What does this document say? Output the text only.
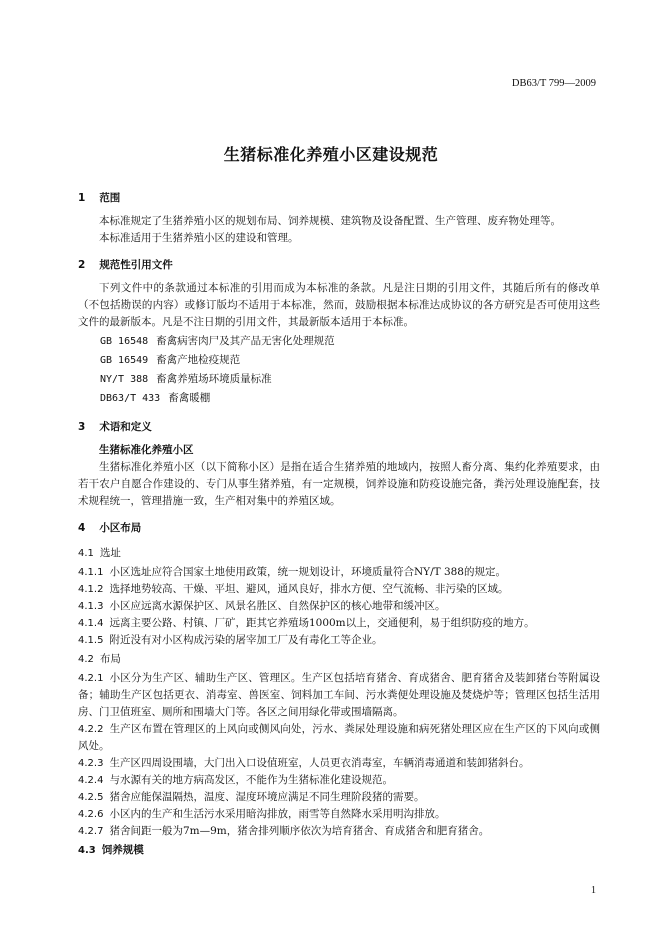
DB63/T 799—2009
生猪标准化养殖小区建设规范
1 范围

本标准规定了生猪养殖小区的规划布局、饲养规模、建筑物及设备配置、生产管理、废弃物处理等。

本标准适用于生猪养殖小区的建设和管理。

2 规范性引用文件

下列文件中的条款通过本标准的引用而成为本标准的条款。凡是注日期的引用文件，其随后所有的修改单（不包括勘误的内容）或修订版均不适用于本标准，然而，鼓励根据本标准达成协议的各方研究是否可使用这些文件的最新版本。凡是不注日期的引用文件，其最新版本适用于本标准。

GB 16548 畜禽病害肉尸及其产品无害化处理规范
GB 16549 畜禽产地检疫规范
NY/T 388 畜禽养殖场环境质量标准
DB63/T 433 畜禽暖棚
3 术语和定义
生猪标准化养殖小区

生猪标准化养殖小区（以下简称小区）是指在适合生猪养殖的地域内，按照人畜分离、集约化养殖要求，由若干农户自愿合作建设的、专门从事生猪养殖，有一定规模，饲养设施和防疫设施完备，粪污处理设施配套，技术规程统一，管理措施一致，生产相对集中的养殖区域。

4 小区布局
4.1 选址

4.1.1 小区选址应符合国家土地使用政策，统一规划设计，环境质量符合NY/T 388的规定。

4.1.2 选择地势较高、干燥、平坦、避风，通风良好，排水方便、空气流畅、非污染的区域。

4.1.3 小区应远离水源保护区、风景名胜区、自然保护区的核心地带和缓冲区。

4.1.4 远离主要公路、村镇、厂矿，距其它养殖场1000m以上，交通便利，易于组织防疫的地方。

4.1.5 附近没有对小区构成污染的屠宰加工厂及有毒化工等企业。

4.2 布局

4.2.1 小区分为生产区、辅助生产区、管理区。生产区包括培育猪舍、育成猪舍、肥育猪舍及装卸猪台等附属设备；辅助生产区包括更衣、消毒室、兽医室、饲料加工车间、污水粪便处理设施及焚烧炉等；管理区包括生活用房、门卫值班室、厕所和围墙大门等。各区之间用绿化带或围墙隔离。

4.2.2 生产区布置在管理区的上风向或侧风向处，污水、粪尿处理设施和病死猪处理区应在生产区的下风向或侧风处。

4.2.3 生产区四周设围墙，大门出入口设值班室，人员更衣消毒室，车辆消毒通道和装卸猪斜台。

4.2.4 与水源有关的地方病高发区，不能作为生猪标准化建设规范。

4.2.5 猪舍应能保温隔热，温度、湿度环境应满足不同生理阶段猪的需要。

4.2.6 小区内的生产和生活污水采用暗沟排放，雨雪等自然降水采用明沟排放。

4.2.7 猪舍间距一般为7m—9m，猪舍排列顺序依次为培育猪舍、育成猪舍和肥育猪舍。

4.3 饲养规模
1
